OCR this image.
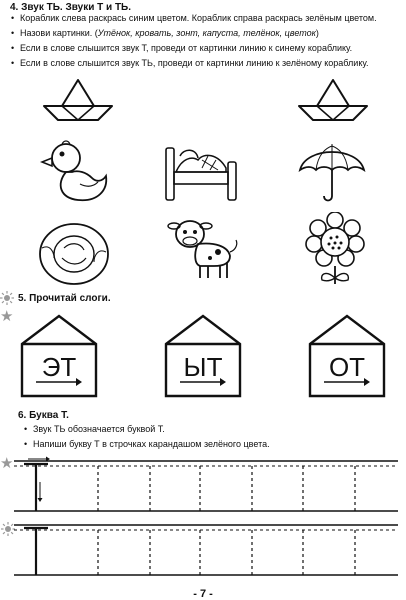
4. Звук ТЬ. Звуки Т и ТЬ.
• Кораблик слева раскрась синим цветом. Кораблик справа раскрась зелёным цветом.
• Назови картинки. (Утёнок, кровать, зонт, капуста, телёнок, цветок)
• Если в слове слышится звук Т, проведи от картинки линию к синему кораблику.
• Если в слове слышится звук ТЬ, проведи от картинки линию к зелёному кораблику.
5. Прочитай слоги.
★
ЭТ	ЫТ	ОТ
6. Буква Т.
• Звук ТЬ обозначается буквой Т.
• Напиши букву Т в строчках карандашом зелёного цвета.
★
- 7 -
